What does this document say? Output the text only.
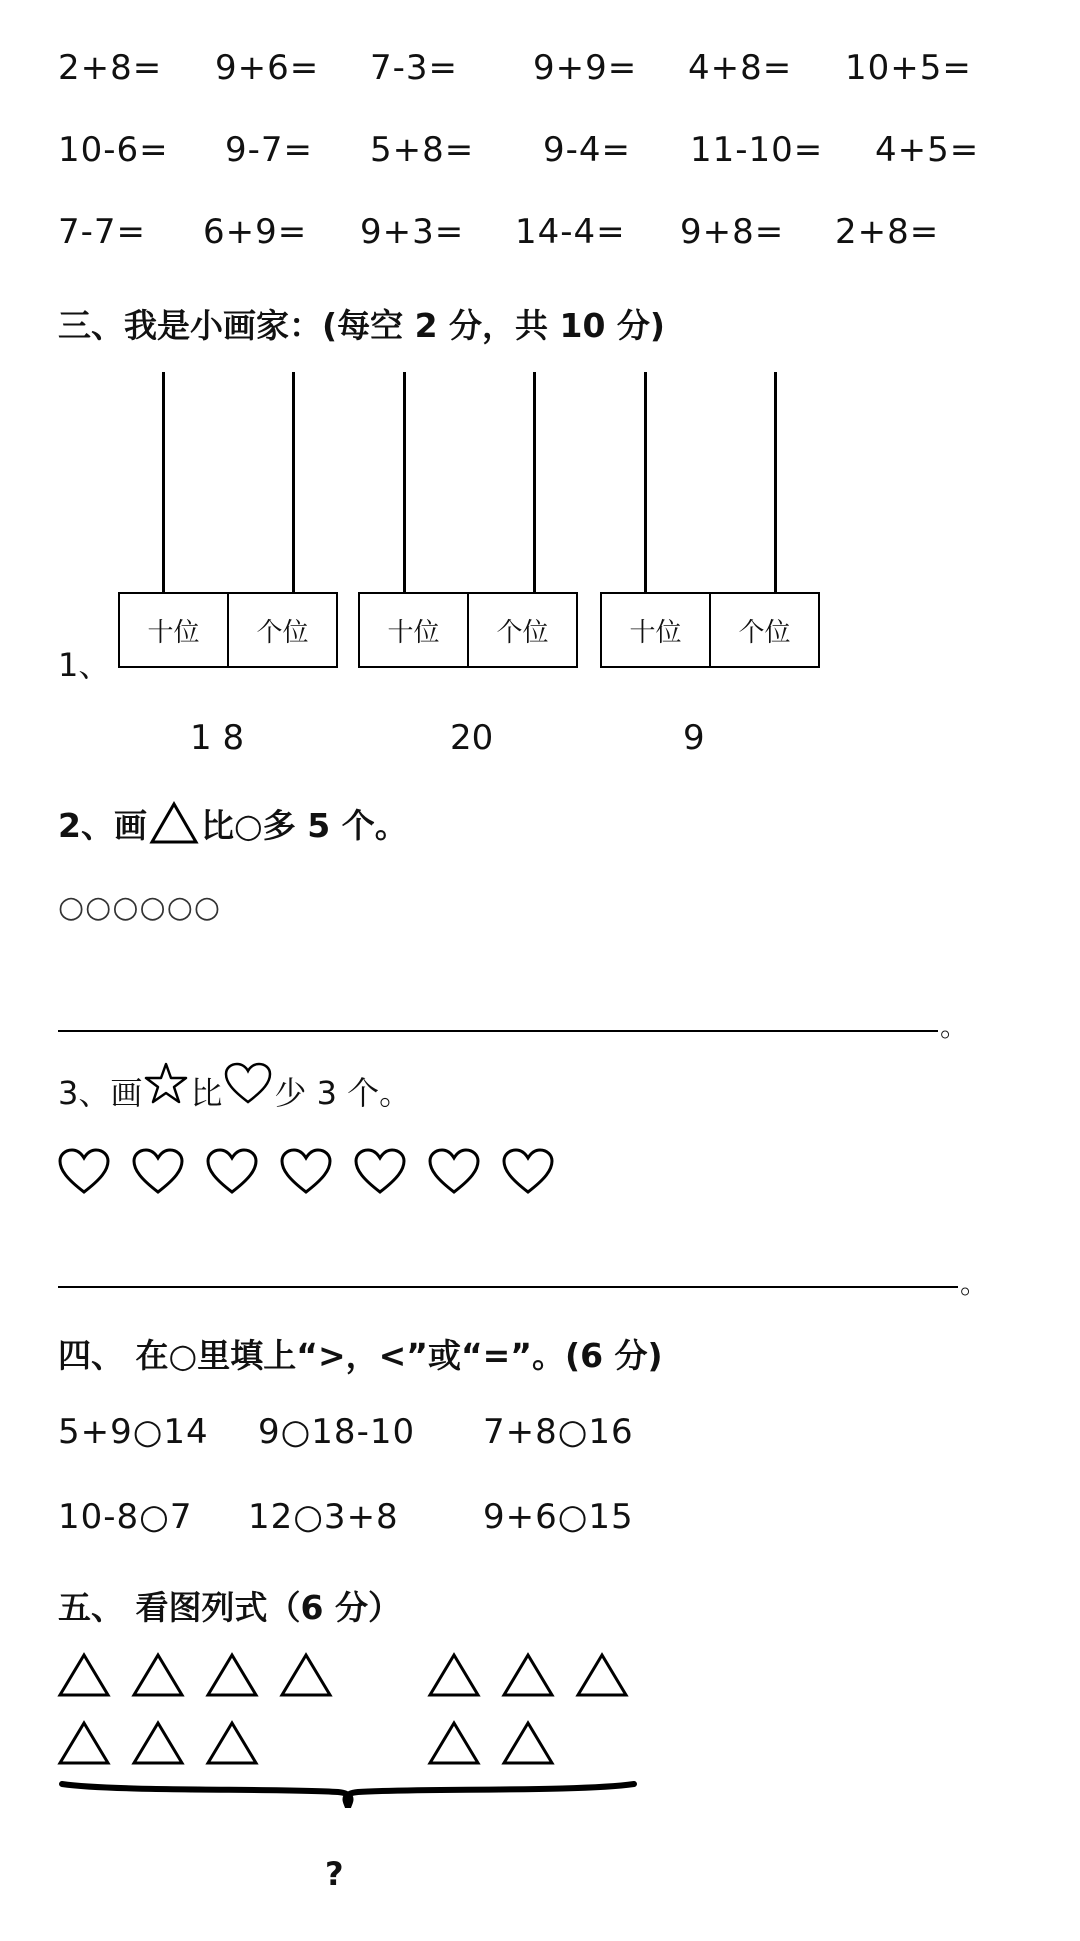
2+8= 9+6= 7-3= 9+9= 4+8= 10+5=
10-6= 9-7= 5+8= 9-4= 11-10= 4+5=
7-7= 6+9= 9+3= 14-4= 9+8= 2+8=
三、我是小画家：(每空 2 分，共 10 分)
十位	个位	十位	个位	十位	个位
1、
1 8	20	9
2、画 比○多 5 个。
○○○○○○
。
3、画 比 少 3 个。
。
四、 在○里填上“>，<”或“=”。(6 分)
5+9○14 9○18-10 7+8○16
10-8○7 12○3+8 9+6○15
五、 看图列式（6 分）
?
